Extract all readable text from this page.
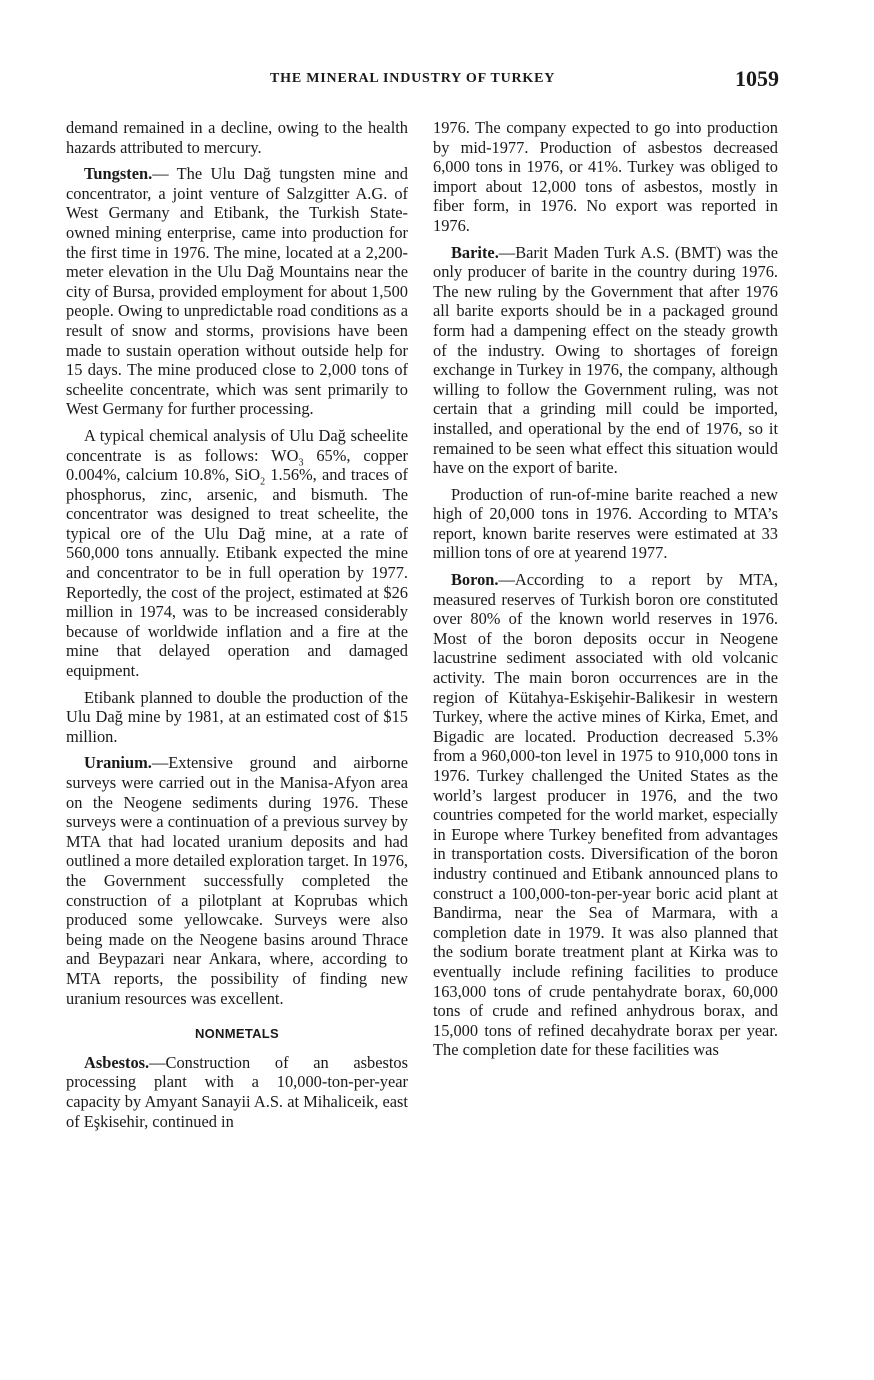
THE MINERAL INDUSTRY OF TURKEY	1059

demand remained in a decline, owing to the health hazards attributed to mercury.

Tungsten.— The Ulu Dağ tungsten mine and concentrator, a joint venture of Salzgitter A.G. of West Germany and Etibank, the Turkish State-owned mining enterprise, came into production for the first time in 1976. The mine, located at a 2,200-meter elevation in the Ulu Dağ Mountains near the city of Bursa, provided employment for about 1,500 people. Owing to unpredictable road conditions as a result of snow and storms, provisions have been made to sustain operation without outside help for 15 days. The mine produced close to 2,000 tons of scheelite concentrate, which was sent primarily to West Germany for further processing.

A typical chemical analysis of Ulu Dağ scheelite concentrate is as follows: $WO_3$ 65%, copper 0.004%, calcium 10.8%, SiO$_2$ 1.56%, and traces of phosphorus, zinc, arsenic, and bismuth. The concentrator was designed to treat scheelite, the typical ore of the Ulu Dağ mine, at a rate of 560,000 tons annually. Etibank expected the mine and concentrator to be in full operation by 1977. Reportedly, the cost of the project, estimated at $26 million in 1974, was to be increased considerably because of worldwide inflation and a fire at the mine that delayed operation and damaged equipment.

Etibank planned to double the production of the Ulu Dağ mine by 1981, at an estimated cost of $15 million.

Uranium.—Extensive ground and airborne surveys were carried out in the Manisa-Afyon area on the Neogene sediments during 1976. These surveys were a continuation of a previous survey by MTA that had located uranium deposits and had outlined a more detailed exploration target. In 1976, the Government successfully completed the construction of a pilotplant at Koprubas which produced some yellowcake. Surveys were also being made on the Neogene basins around Thrace and Beypazari near Ankara, where, according to MTA reports, the possibility of finding new uranium resources was excellent.

NONMETALS

Asbestos.—Construction of an asbestos processing plant with a 10,000-ton-per-year capacity by Amyant Sanayii A.S. at Mihaliceik, east of Eşkisehir, continued in

1976. The company expected to go into production by mid-1977. Production of asbestos decreased 6,000 tons in 1976, or 41%. Turkey was obliged to import about 12,000 tons of asbestos, mostly in fiber form, in 1976. No export was reported in 1976.

Barite.—Barit Maden Turk A.S. (BMT) was the only producer of barite in the country during 1976. The new ruling by the Government that after 1976 all barite exports should be in a packaged ground form had a dampening effect on the steady growth of the industry. Owing to shortages of foreign exchange in Turkey in 1976, the company, although willing to follow the Government ruling, was not certain that a grinding mill could be imported, installed, and operational by the end of 1976, so it remained to be seen what effect this situation would have on the export of barite.

Production of run-of-mine barite reached a new high of 20,000 tons in 1976. According to MTA’s report, known barite reserves were estimated at 33 million tons of ore at yearend 1977.

Boron.—According to a report by MTA, measured reserves of Turkish boron ore constituted over 80% of the known world reserves in 1976. Most of the boron deposits occur in Neogene lacustrine sediment associated with old volcanic activity. The main boron occurrences are in the region of Kütahya-Eskişehir-Balikesir in western Turkey, where the active mines of Kirka, Emet, and Bigadic are located. Production decreased 5.3% from a 960,000-ton level in 1975 to 910,000 tons in 1976. Turkey challenged the United States as the world’s largest producer in 1976, and the two countries competed for the world market, especially in Europe where Turkey benefited from advantages in transportation costs. Diversification of the boron industry continued and Etibank announced plans to construct a 100,000-ton-per-year boric acid plant at Bandirma, near the Sea of Marmara, with a completion date in 1979. It was also planned that the sodium borate treatment plant at Kirka was to eventually include refining facilities to produce 163,000 tons of crude pentahydrate borax, 60,000 tons of crude and refined anhydrous borax, and 15,000 tons of refined decahydrate borax per year. The completion date for these facilities was
